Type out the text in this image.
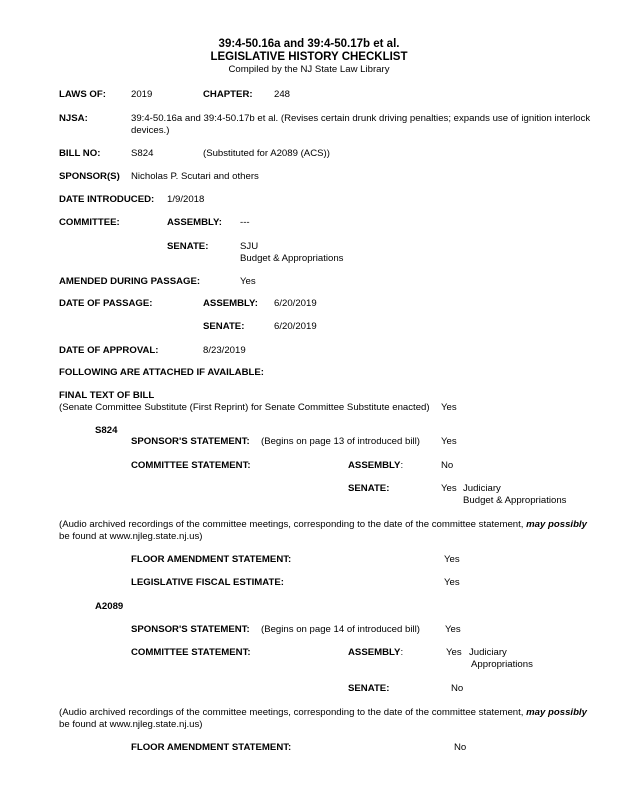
39:4-50.16a and 39:4-50.17b et al.
LEGISLATIVE HISTORY CHECKLIST
Compiled by the NJ State Law Library
LAWS OF:	2019	CHAPTER: 248
NJSA:	39:4-50.16a and 39:4-50.17b et al. (Revises certain drunk driving penalties; expands use of ignition interlock devices.)
BILL NO:	S824	(Substituted for A2089 (ACS))
SPONSOR(S) Nicholas P. Scutari and others
DATE INTRODUCED: 1/9/2018
COMMITTEE:	ASSEMBLY: ---
SENATE:	SJU
Budget & Appropriations
AMENDED DURING PASSAGE:	Yes
DATE OF PASSAGE:	ASSEMBLY: 6/20/2019
SENATE:	6/20/2019
DATE OF APPROVAL:	8/23/2019
FOLLOWING ARE ATTACHED IF AVAILABLE:
FINAL TEXT OF BILL
(Senate Committee Substitute (First Reprint) for Senate Committee Substitute enacted) Yes
S824
SPONSOR'S STATEMENT: (Begins on page 13 of introduced bill) Yes
COMMITTEE STATEMENT:	ASSEMBLY:	No
SENATE:	Yes Judiciary
Budget & Appropriations
(Audio archived recordings of the committee meetings, corresponding to the date of the committee statement, may possibly
be found at www.njleg.state.nj.us)
FLOOR AMENDMENT STATEMENT:	Yes
LEGISLATIVE FISCAL ESTIMATE:	Yes
A2089
SPONSOR'S STATEMENT: (Begins on page 14 of introduced bill)	Yes
COMMITTEE STATEMENT:	ASSEMBLY:	Yes Judiciary
Appropriations
SENATE:	No
(Audio archived recordings of the committee meetings, corresponding to the date of the committee statement, may possibly
be found at www.njleg.state.nj.us)
FLOOR AMENDMENT STATEMENT:	No
